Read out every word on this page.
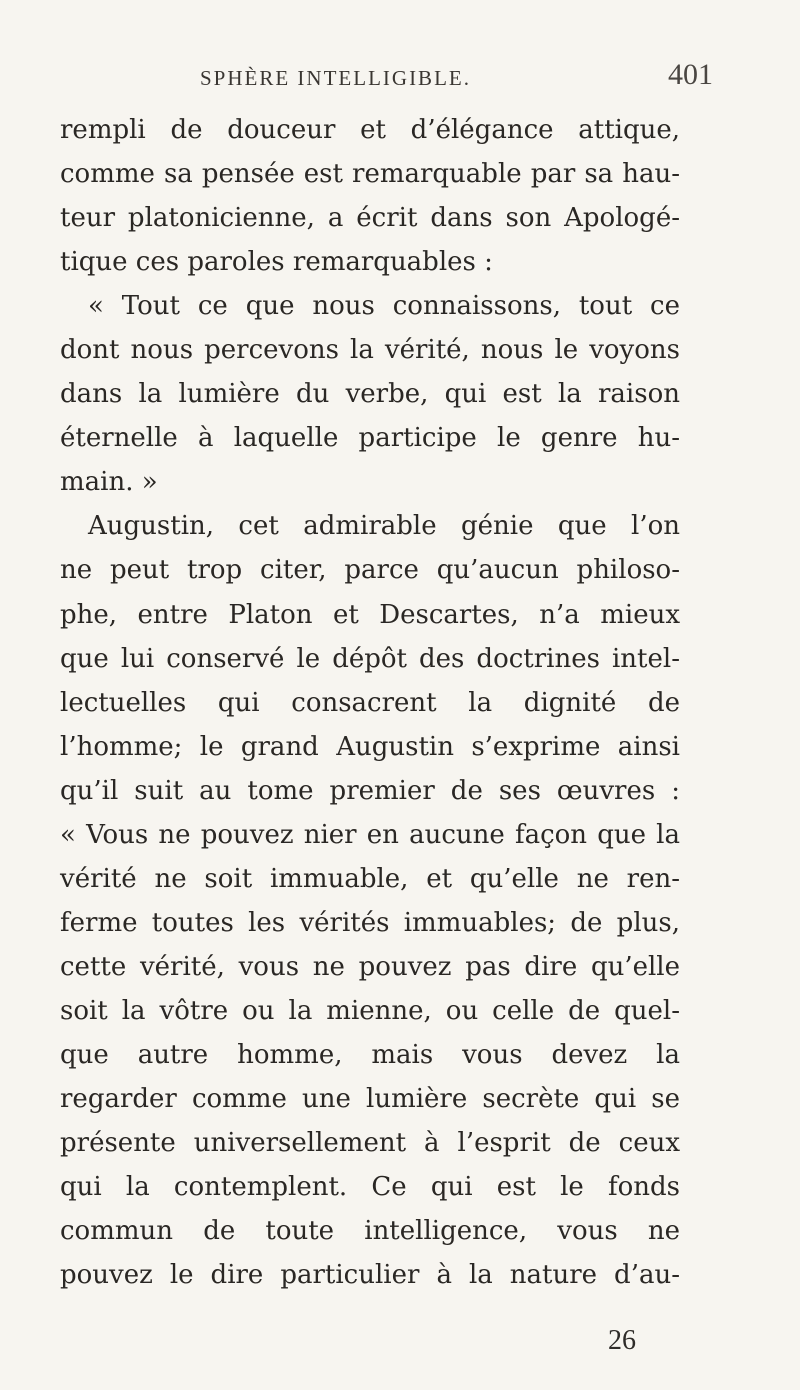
SPHÈRE INTELLIGIBLE.	401
rempli de douceur et d’élégance attique,
comme sa pensée est remarquable par sa hau-
teur platonicienne, a écrit dans son Apologé-
tique ces paroles remarquables :
« Tout ce que nous connaissons, tout ce
dont nous percevons la vérité, nous le voyons
dans la lumière du verbe, qui est la raison
éternelle à laquelle participe le genre hu-
main. »
Augustin, cet admirable génie que l’on
ne peut trop citer, parce qu’aucun philoso-
phe, entre Platon et Descartes, n’a mieux
que lui conservé le dépôt des doctrines intel-
lectuelles qui consacrent la dignité de
l’homme; le grand Augustin s’exprime ainsi
qu’il suit au tome premier de ses œuvres :
« Vous ne pouvez nier en aucune façon que la
vérité ne soit immuable, et qu’elle ne ren-
ferme toutes les vérités immuables; de plus,
cette vérité, vous ne pouvez pas dire qu’elle
soit la vôtre ou la mienne, ou celle de quel-
que autre homme, mais vous devez la
regarder comme une lumière secrète qui se
présente universellement à l’esprit de ceux
qui la contemplent. Ce qui est le fonds
commun de toute intelligence, vous ne
pouvez le dire particulier à la nature d’au-
26
